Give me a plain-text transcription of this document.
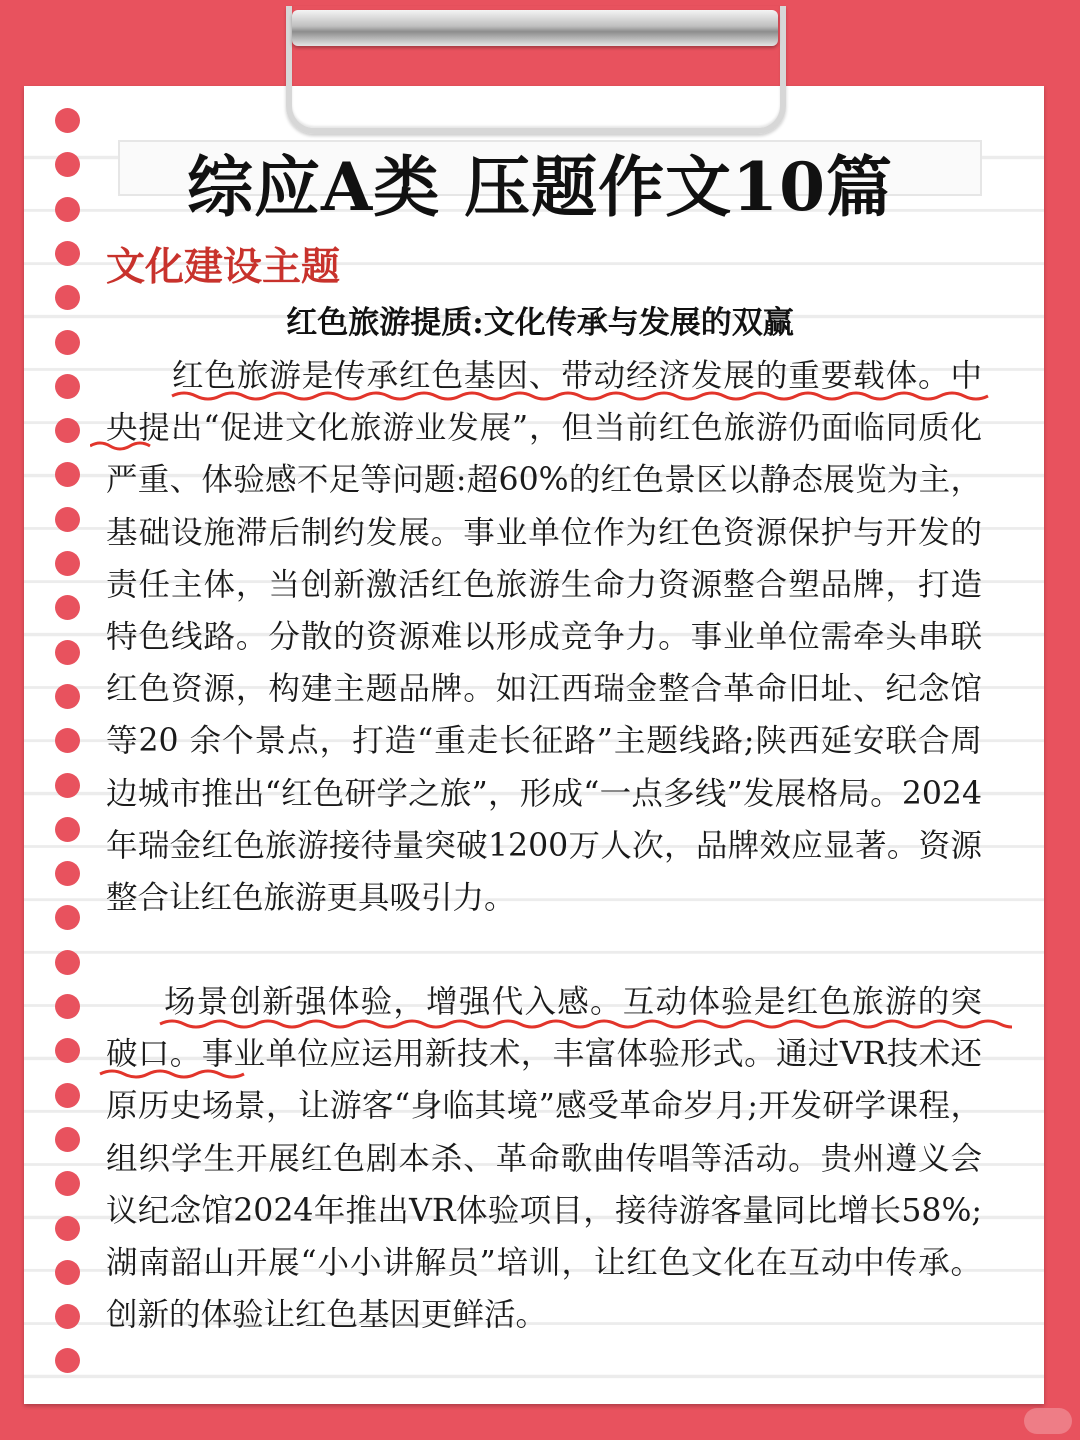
综应A类 压题作文10篇
文化建设主题
红色旅游提质:文化传承与发展的双赢
红色旅游是传承红色基因、带动经济发展的重要载体。中央提出“促进文化旅游业发展”，但当前红色旅游仍面临同质化严重、体验感不足等问题:超60%的红色景区以静态展览为主，基础设施滞后制约发展。事业单位作为红色资源保护与开发的责任主体，当创新激活红色旅游生命力资源整合塑品牌，打造特色线路。分散的资源难以形成竞争力。事业单位需牵头串联红色资源，构建主题品牌。如江西瑞金整合革命旧址、纪念馆等20 余个景点，打造“重走长征路”主题线路;陕西延安联合周边城市推出“红色研学之旅”，形成“一点多线”发展格局。2024年瑞金红色旅游接待量突破1200万人次，品牌效应显著。资源整合让红色旅游更具吸引力。
场景创新强体验，增强代入感。互动体验是红色旅游的突破口。事业单位应运用新技术，丰富体验形式。通过VR技术还原历史场景，让游客“身临其境”感受革命岁月;开发研学课程，组织学生开展红色剧本杀、革命歌曲传唱等活动。贵州遵义会议纪念馆2024年推出VR体验项目，接待游客量同比增长58%;湖南韶山开展“小小讲解员”培训，让红色文化在互动中传承。创新的体验让红色基因更鲜活。
